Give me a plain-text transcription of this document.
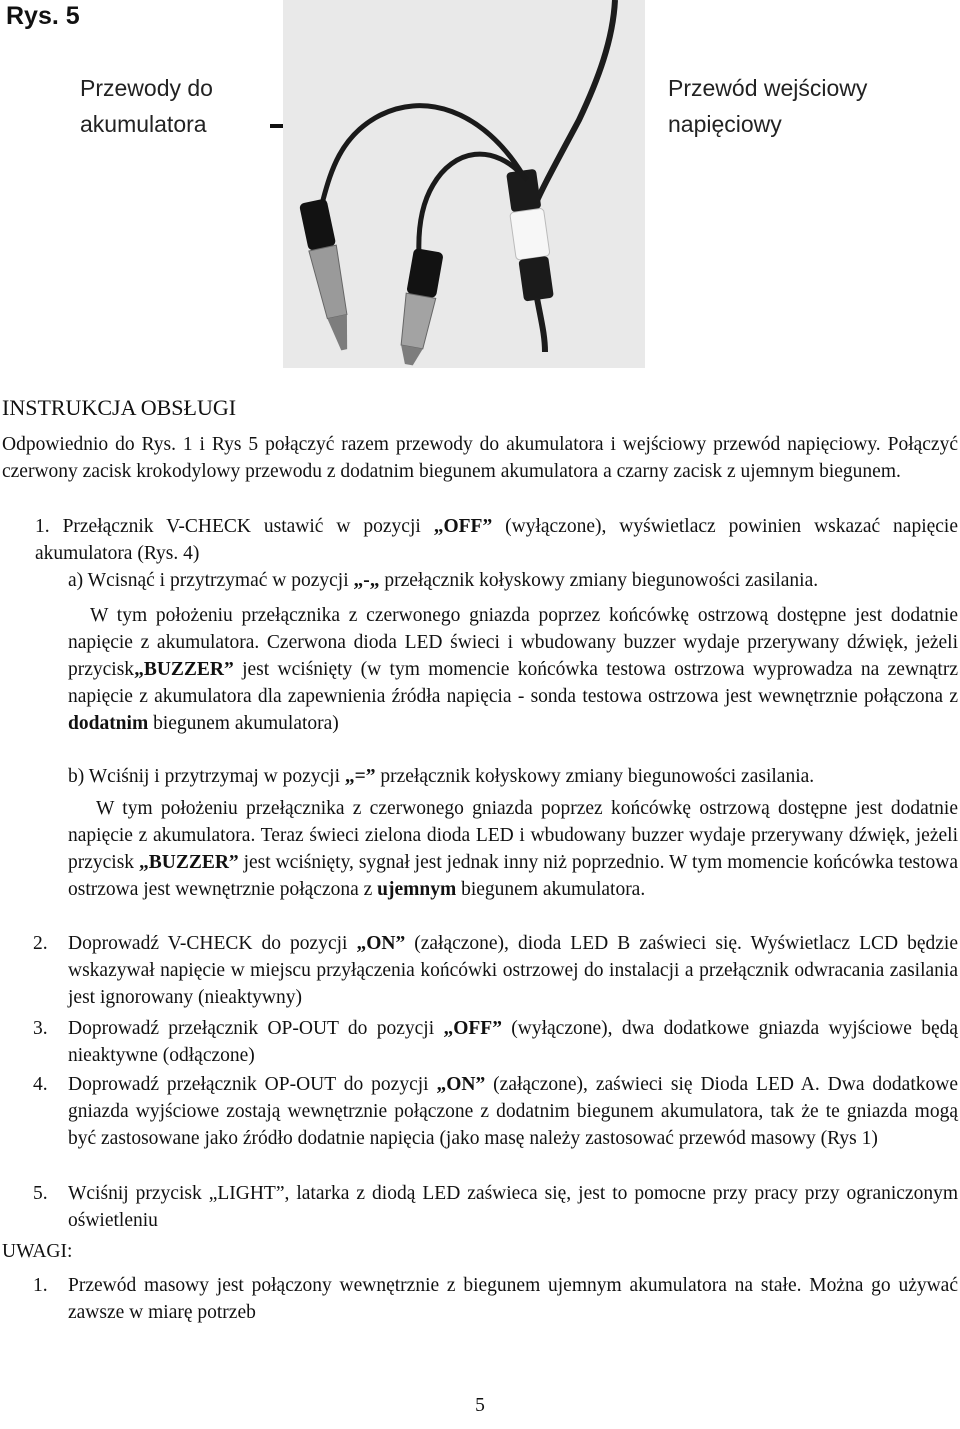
Rys. 5
Przewody do akumulatora
Przewód wejściowy napięciowy
INSTRUKCJA OBSŁUGI
Odpowiednio do Rys. 1 i Rys 5 połączyć razem przewody do akumulatora i wejściowy przewód napięciowy. Połączyć czerwony zacisk krokodylowy przewodu z dodatnim biegunem akumulatora a czarny zacisk z ujemnym biegunem.
1. Przełącznik V-CHECK ustawić w pozycji „OFF” (wyłączone), wyświetlacz powinien wskazać napięcie akumulatora (Rys. 4)
a) Wcisnąć i przytrzymać w pozycji „-„ przełącznik kołyskowy zmiany biegunowości zasilania.
W tym położeniu przełącznika z czerwonego gniazda poprzez końcówkę ostrzową dostępne jest dodatnie napięcie z akumulatora. Czerwona dioda LED świeci i wbudowany buzzer wydaje przerywany dźwięk, jeżeli przycisk„BUZZER” jest wciśnięty (w tym momencie końcówka testowa ostrzowa wyprowadza na zewnątrz napięcie z akumulatora dla zapewnienia źródła napięcia - sonda testowa ostrzowa jest wewnętrznie połączona z dodatnim biegunem akumulatora)
b) Wciśnij i przytrzymaj w pozycji „=” przełącznik kołyskowy zmiany biegunowości zasilania.
W tym położeniu przełącznika z czerwonego gniazda poprzez końcówkę ostrzową dostępne jest dodatnie napięcie z akumulatora. Teraz świeci zielona dioda LED i wbudowany buzzer wydaje przerywany dźwięk, jeżeli przycisk „BUZZER” jest wciśnięty, sygnał jest jednak inny niż poprzednio. W tym momencie końcówka testowa ostrzowa jest wewnętrznie połączona z ujemnym biegunem akumulatora.
2.	Doprowadź V-CHECK do pozycji „ON” (załączone), dioda LED B zaświeci się. Wyświetlacz LCD będzie wskazywał napięcie w miejscu przyłączenia końcówki ostrzowej do instalacji a przełącznik odwracania zasilania jest ignorowany (nieaktywny)
3.	Doprowadź przełącznik OP-OUT do pozycji „OFF” (wyłączone), dwa dodatkowe gniazda wyjściowe będą nieaktywne (odłączone)
4.	Doprowadź przełącznik OP-OUT do pozycji „ON” (załączone), zaświeci się Dioda LED A. Dwa dodatkowe gniazda wyjściowe zostają wewnętrznie połączone z dodatnim biegunem akumulatora, tak że te gniazda mogą być zastosowane jako źródło dodatnie napięcia (jako masę należy zastosować przewód masowy (Rys 1)
5.	Wciśnij przycisk „LIGHT”, latarka z diodą LED zaświeca się, jest to pomocne przy pracy przy ograniczonym oświetleniu
UWAGI:
1.	Przewód masowy jest połączony wewnętrznie z biegunem ujemnym akumulatora na stałe. Można go używać zawsze w miarę potrzeb
5
